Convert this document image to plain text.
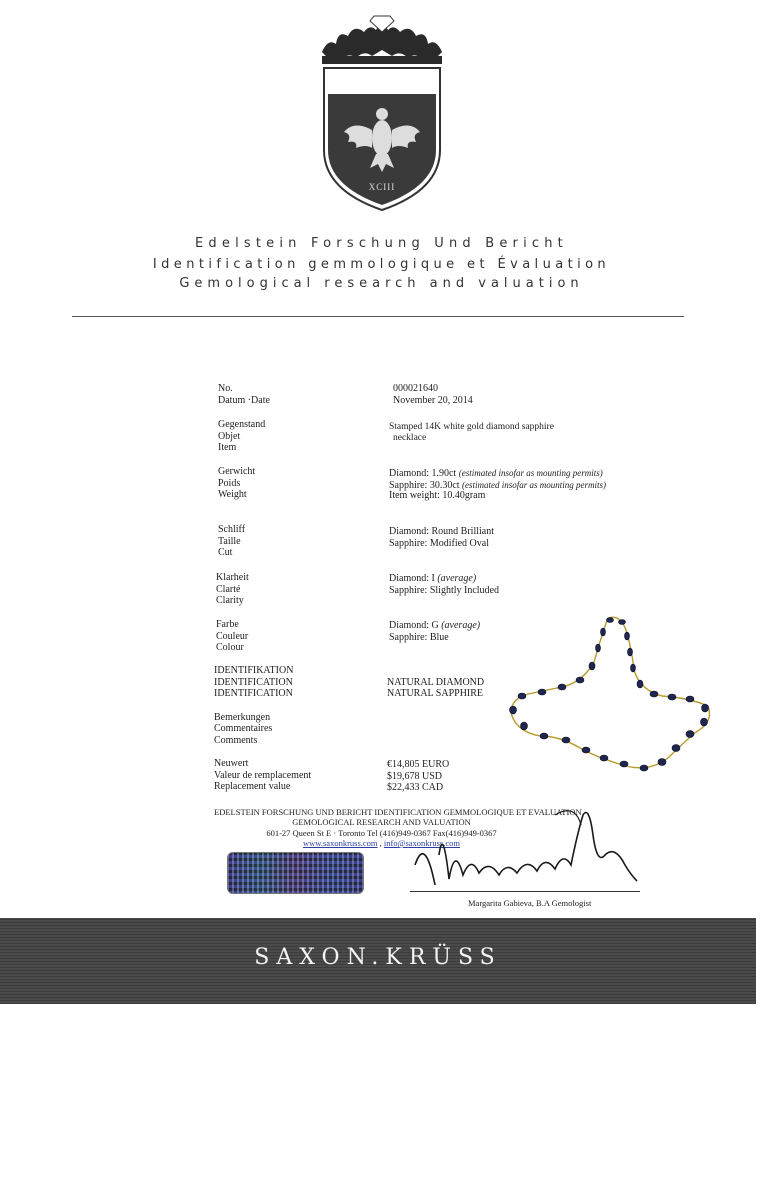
XCIII
Edelstein Forschung Und Bericht
Identification gemmologique et Évaluation
Gemological research and valuation
No.
Datum ·Date
Gegenstand
Objet
Item
Gerwicht
Poids
Weight
Schliff
Taille
Cut
Klarheit
Clarté
Clarity
Farbe
Couleur
Colour
IDENTIFIKATION
IDENTIFICATION
IDENTIFICATION
Bemerkungen
Commentaires
Comments
Neuwert
Valeur de remplacement
Replacement value
000021640
November 20, 2014
Stamped 14K white gold diamond sapphire
necklace
Diamond: 1.90ct (estimated insofar as mounting permits)
Sapphire: 30.30ct (estimated insofar as mounting permits)
Item weight: 10.40gram
Diamond: Round Brilliant
Sapphire: Modified Oval
Diamond: I (average)
Sapphire: Slightly Included
Diamond: G (average)
Sapphire: Blue
NATURAL DIAMOND
NATURAL SAPPHIRE
€14,805 EURO
$19,678 USD
$22,433 CAD
EDELSTEIN FORSCHUNG UND BERICHT IDENTIFICATION GEMMOLOGIQUE ET EVALUATION
GEMOLOGICAL RESEARCH AND VALUATION
601-27 Queen St E · Toronto Tel (416)949-0367 Fax(416)949-0367
www.saxonkruss.com , info@saxonkruss.com
Margarita Gabieva, B.A Gemologist
SAXON.KRÜSS
